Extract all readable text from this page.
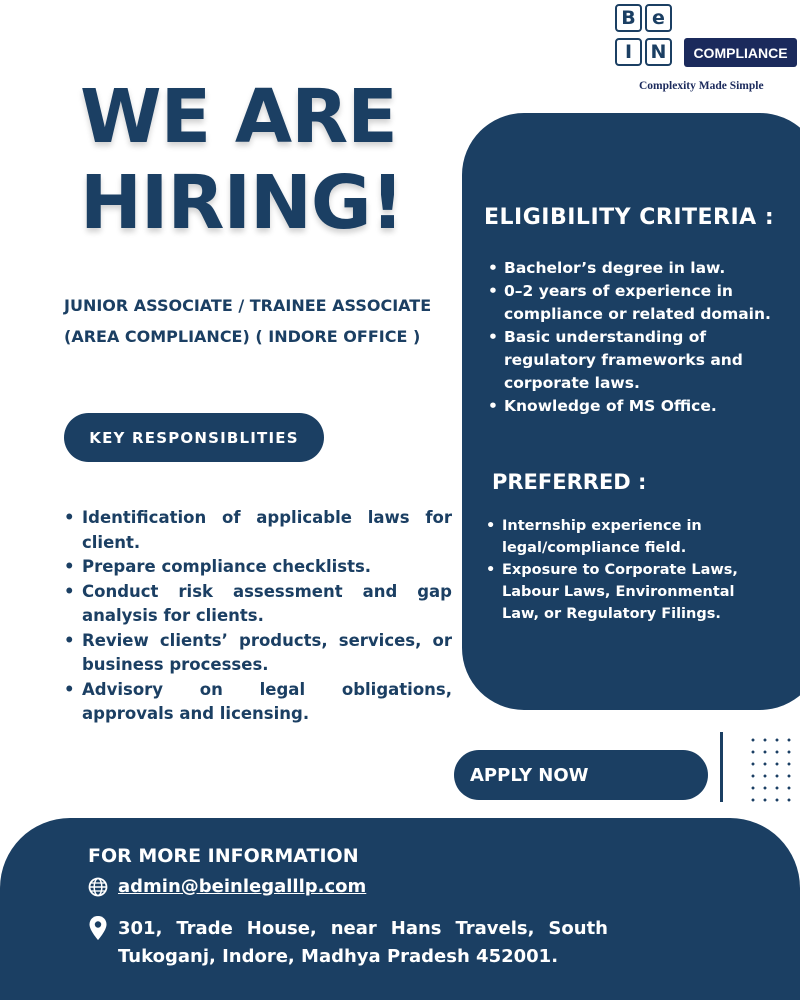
B e
I N	COMPLIANCE
Complexity Made Simple
WE ARE
HIRING!
JUNIOR ASSOCIATE / TRAINEE ASSOCIATE
(AREA COMPLIANCE) ( INDORE OFFICE )
ELIGIBILITY CRITERIA :
• Bachelor’s degree in law.
• 0–2 years of experience in compliance or related domain.
• Basic understanding of regulatory frameworks and corporate laws.
• Knowledge of MS Office.
PREFERRED :
• Internship experience in legal/compliance field.
• Exposure to Corporate Laws, Labour Laws, Environmental Law, or Regulatory Filings.
KEY RESPONSIBLITIES
• Identification of applicable laws for client.
• Prepare compliance checklists.
• Conduct risk assessment and gap analysis for clients.
• Review clients’ products, services, or business processes.
• Advisory on legal obligations, approvals and licensing.
APPLY NOW
FOR MORE INFORMATION
admin@beinlegalllp.com
301, Trade House, near Hans Travels, South Tukoganj, Indore, Madhya Pradesh 452001.
